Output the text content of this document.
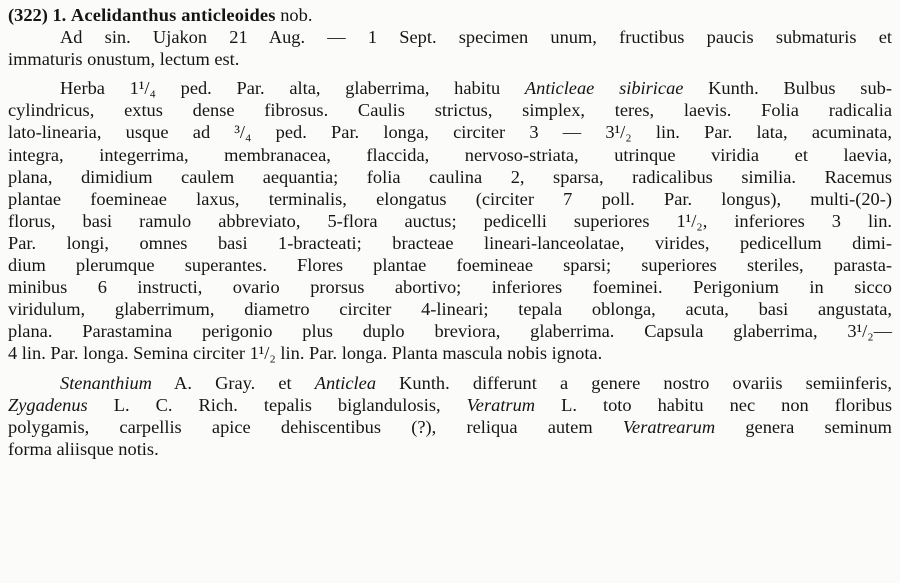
(322) 1. Acelidanthus anticleoides nob.

Ad sin. Ujakon 21 Aug. — 1 Sept. specimen unum, fructibus paucis submaturis et
immaturis onustum, lectum est.

Herba 1¹/₄ ped. Par. alta, glaberrima, habitu Anticleae sibiricae Kunth. Bulbus sub-
cylindricus, extus dense fibrosus. Caulis strictus, simplex, teres, laevis. Folia radicalia
lato-linearia, usque ad ³/₄ ped. Par. longa, circiter 3 — 3¹/₂ lin. Par. lata, acuminata,
integra, integerrima, membranacea, flaccida, nervoso-striata, utrinque viridia et laevia,
plana, dimidium caulem aequantia; folia caulina 2, sparsa, radicalibus similia. Racemus
plantae foemineae laxus, terminalis, elongatus (circiter 7 poll. Par. longus), multi-(20-)
florus, basi ramulo abbreviato, 5-flora auctus; pedicelli superiores 1¹/₂, inferiores 3 lin.
Par. longi, omnes basi 1-bracteati; bracteae lineari-lanceolatae, virides, pedicellum dimi-
dium plerumque superantes. Flores plantae foemineae sparsi; superiores steriles, parasta-
minibus 6 instructi, ovario prorsus abortivo; inferiores foeminei. Perigonium in sicco
viridulum, glaberrimum, diametro circiter 4-lineari; tepala oblonga, acuta, basi angustata,
plana. Parastamina perigonio plus duplo breviora, glaberrima. Capsula glaberrima, 3¹/₂—
4 lin. Par. longa. Semina circiter 1¹/₂ lin. Par. longa. Planta mascula nobis ignota.

Stenanthium A. Gray. et Anticlea Kunth. differunt a genere nostro ovariis semiinferis,
Zygadenus L. C. Rich. tepalis biglandulosis, Veratrum L. toto habitu nec non floribus
polygamis, carpellis apice dehiscentibus (?), reliqua autem Veratrearum genera seminum
forma aliisque notis.
